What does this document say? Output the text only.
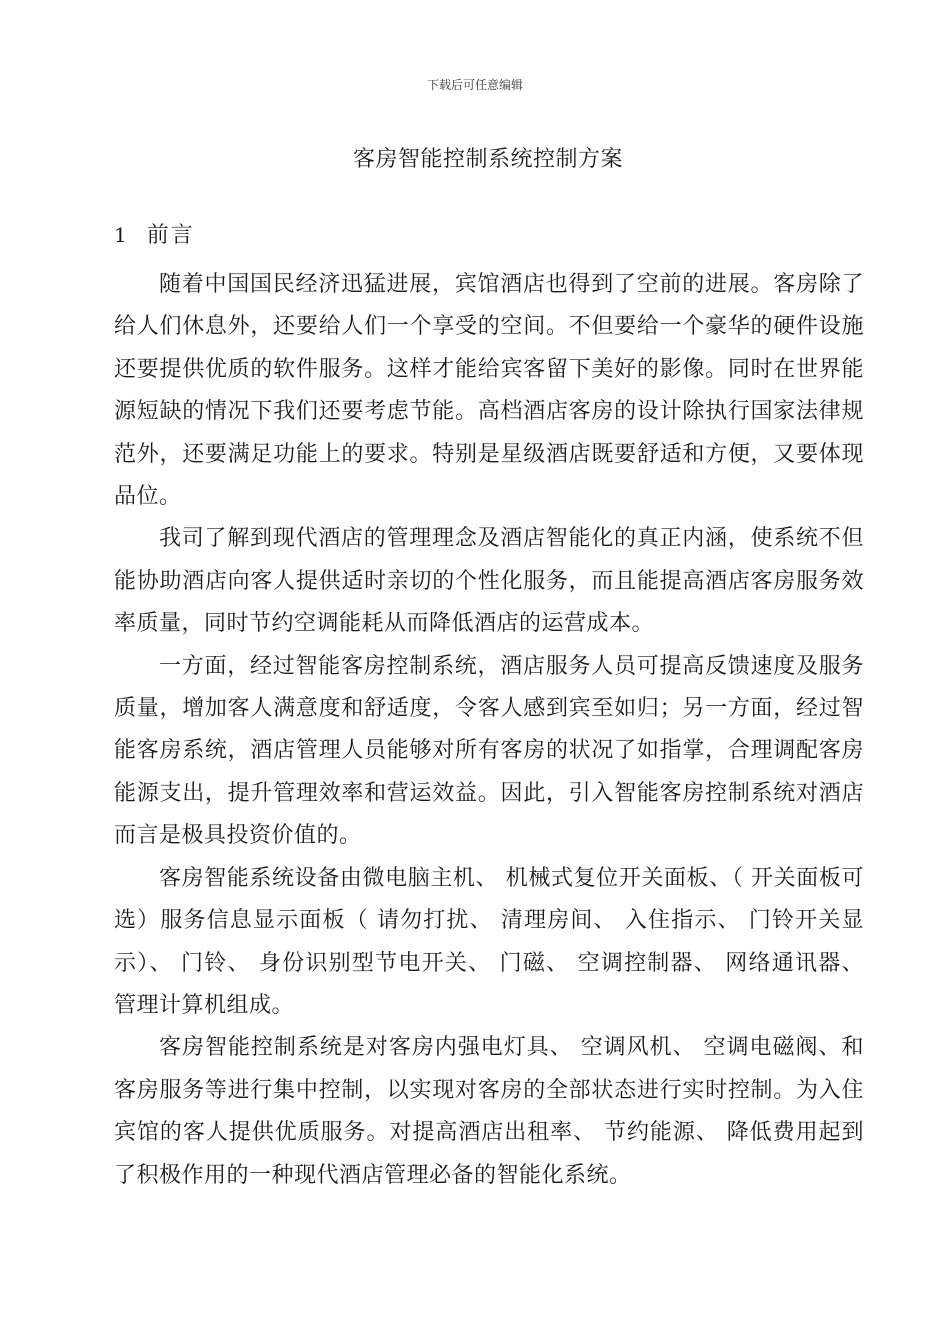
下载后可任意编辑
客房智能控制系统控制方案
1 前言

随着中国国民经济迅猛进展，宾馆酒店也得到了空前的进展。客房除了给人们休息外，还要给人们一个享受的空间。不但要给一个豪华的硬件设施还要提供优质的软件服务。这样才能给宾客留下美好的影像。同时在世界能源短缺的情况下我们还要考虑节能。高档酒店客房的设计除执行国家法律规范外，还要满足功能上的要求。特别是星级酒店既要舒适和方便，又要体现品位。

我司了解到现代酒店的管理理念及酒店智能化的真正内涵，使系统不但能协助酒店向客人提供适时亲切的个性化服务，而且能提高酒店客房服务效率质量，同时节约空调能耗从而降低酒店的运营成本。

一方面，经过智能客房控制系统，酒店服务人员可提高反馈速度及服务质量，增加客人满意度和舒适度，令客人感到宾至如归；另一方面，经过智能客房系统，酒店管理人员能够对所有客房的状况了如指掌，合理调配客房能源支出，提升管理效率和营运效益。因此，引入智能客房控制系统对酒店而言是极具投资价值的。

客房智能系统设备由微电脑主机、 机械式复位开关面板、（ 开关面板可选）服务信息显示面板（ 请勿打扰、 清理房间、 入住指示、 门铃开关显示）、 门铃、 身份识别型节电开关、 门磁、 空调控制器、 网络通讯器、 管理计算机组成。

客房智能控制系统是对客房内强电灯具、 空调风机、 空调电磁阀、和客房服务等进行集中控制，以实现对客房的全部状态进行实时控制。为入住宾馆的客人提供优质服务。对提高酒店出租率、 节约能源、 降低费用起到了积极作用的一种现代酒店管理必备的智能化系统。
